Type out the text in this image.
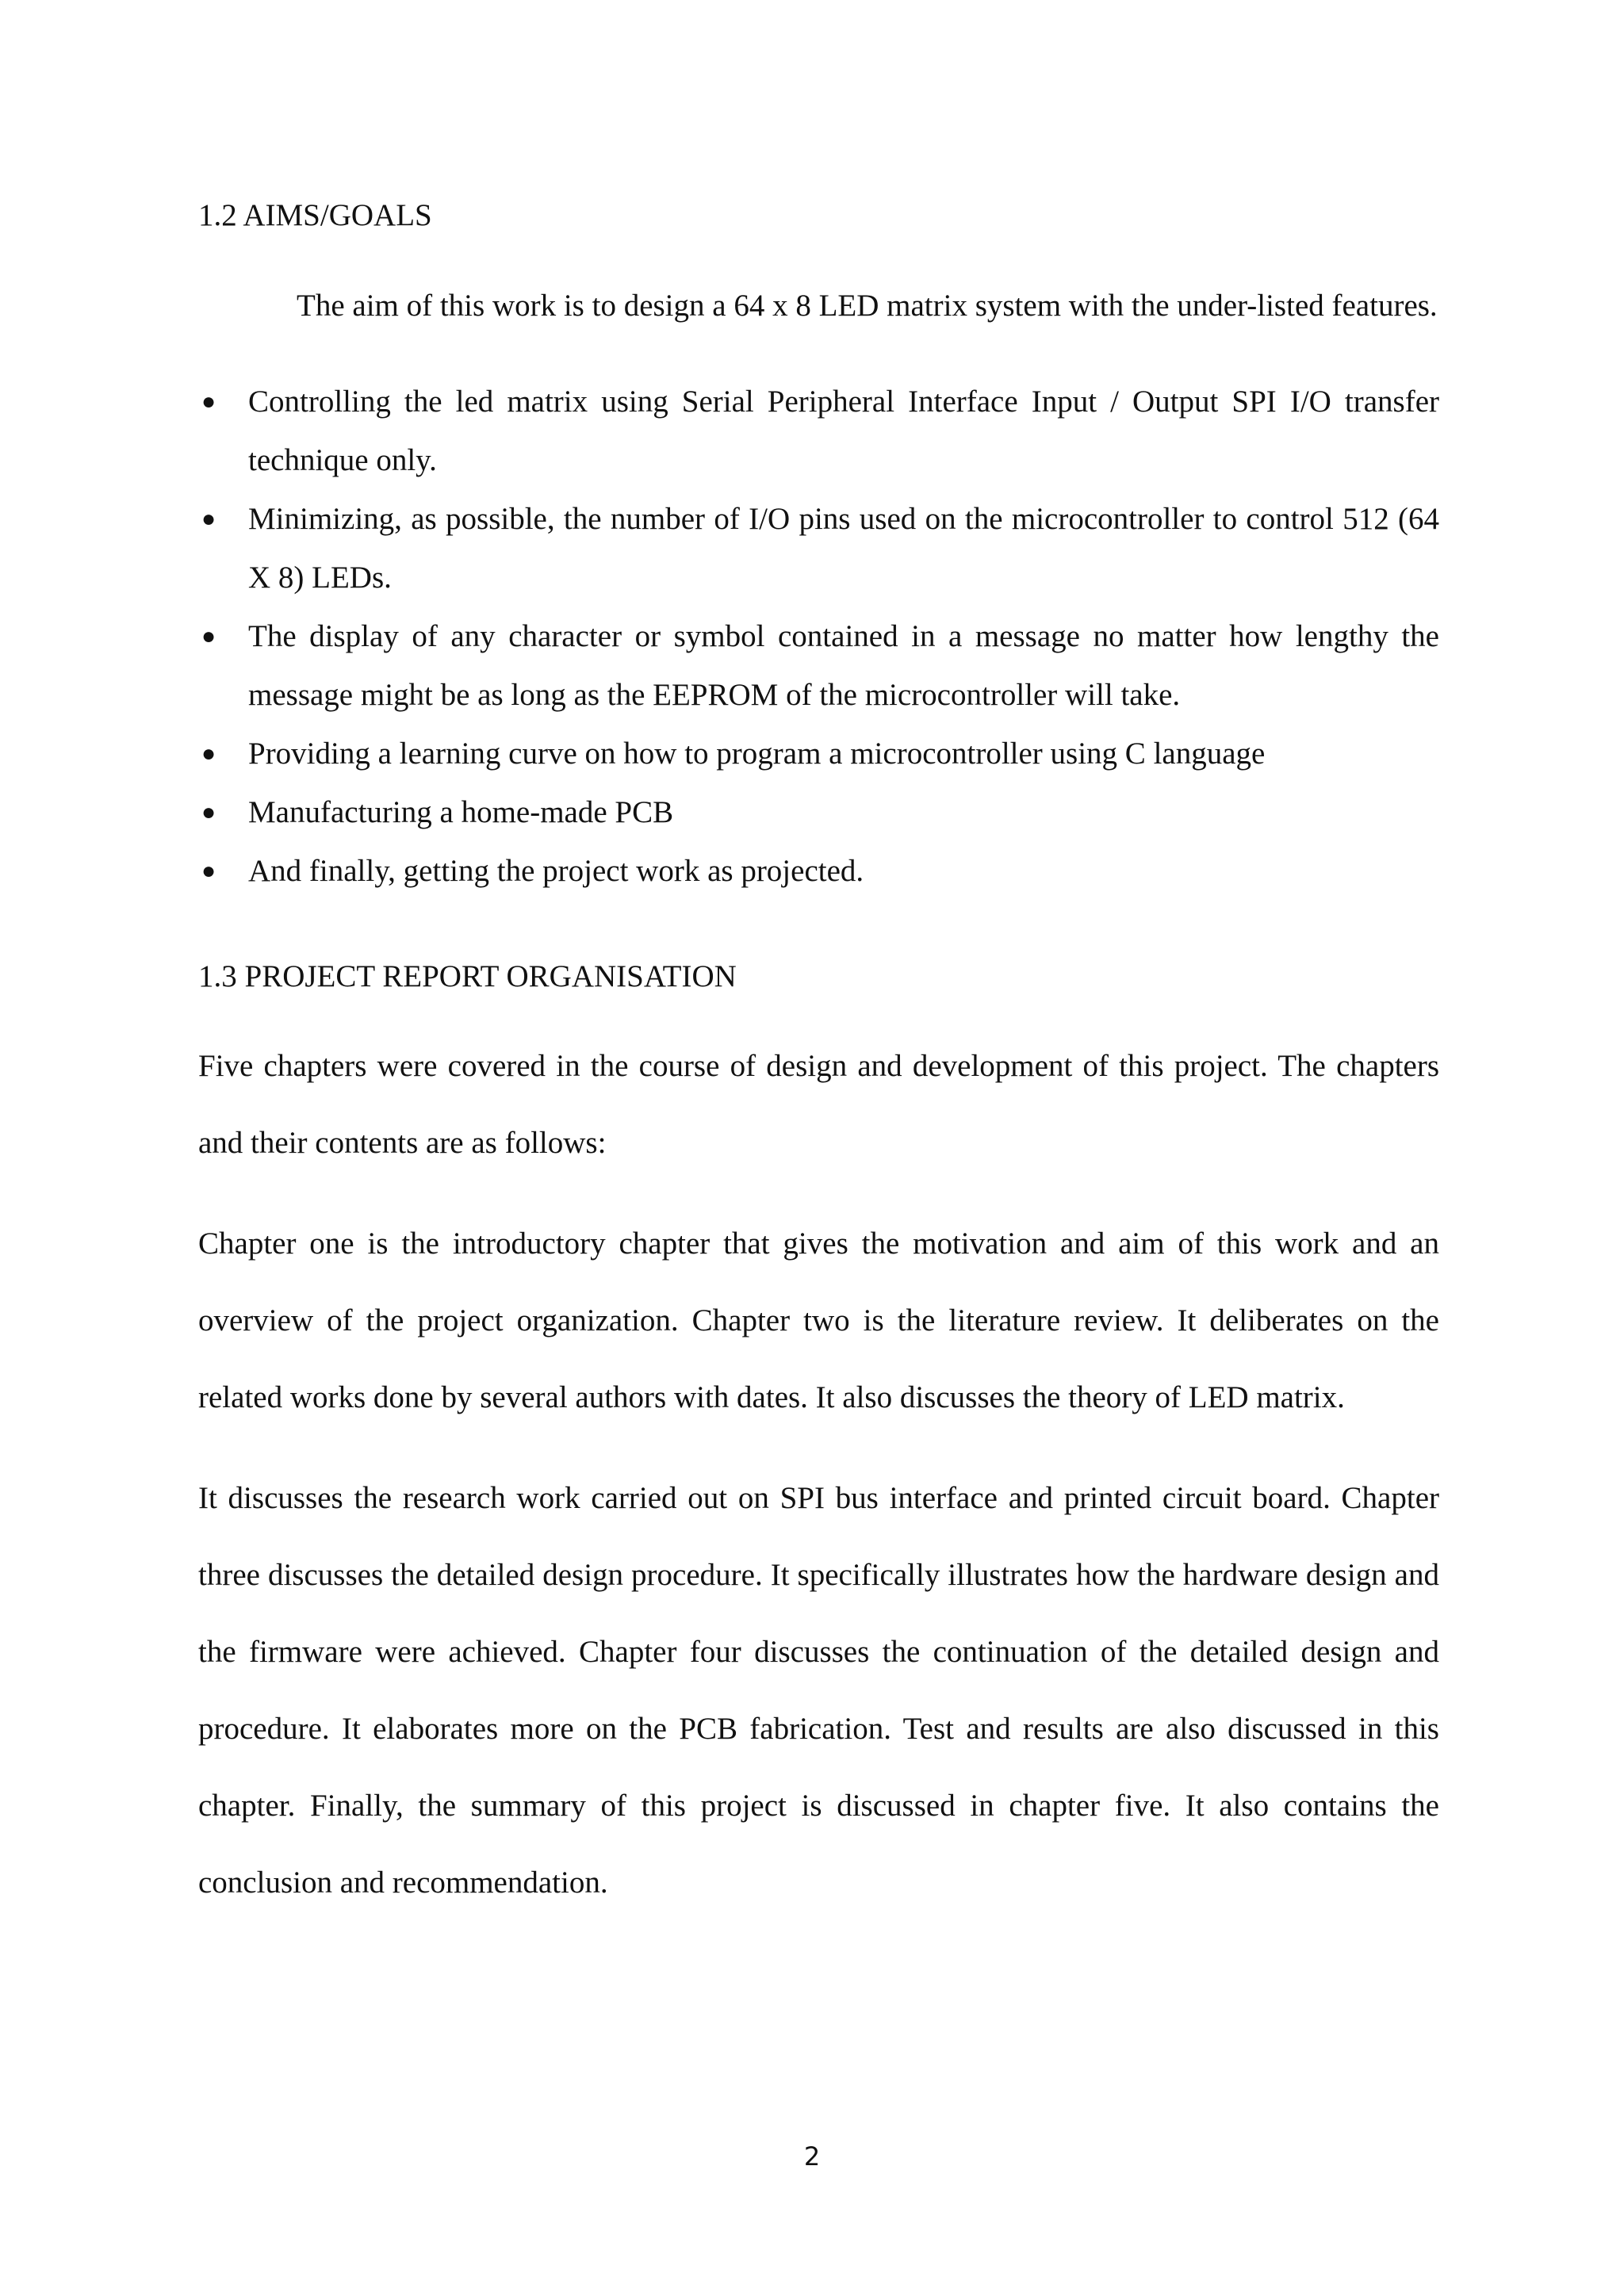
1.2 AIMS/GOALS

The aim of this work is to design a 64 x 8 LED matrix system with the under-listed features.

● Controlling the led matrix using Serial Peripheral Interface Input / Output SPI I/O transfer technique only.
● Minimizing, as possible, the number of I/O pins used on the microcontroller to control 512 (64 X 8) LEDs.
● The display of any character or symbol contained in a message no matter how lengthy the message might be as long as the EEPROM of the microcontroller will take.
● Providing a learning curve on how to program a microcontroller using C language
● Manufacturing a home-made PCB
● And finally, getting the project work as projected.
1.3 PROJECT REPORT ORGANISATION

Five chapters were covered in the course of design and development of this project. The chapters and their contents are as follows:

Chapter one is the introductory chapter that gives the motivation and aim of this work and an overview of the project organization. Chapter two is the literature review. It deliberates on the related works done by several authors with dates. It also discusses the theory of LED matrix.

It discusses the research work carried out on SPI bus interface and printed circuit board. Chapter three discusses the detailed design procedure. It specifically illustrates how the hardware design and the firmware were achieved. Chapter four discusses the continuation of the detailed design and procedure. It elaborates more on the PCB fabrication. Test and results are also discussed in this chapter. Finally, the summary of this project is discussed in chapter five. It also contains the conclusion and recommendation.

2
